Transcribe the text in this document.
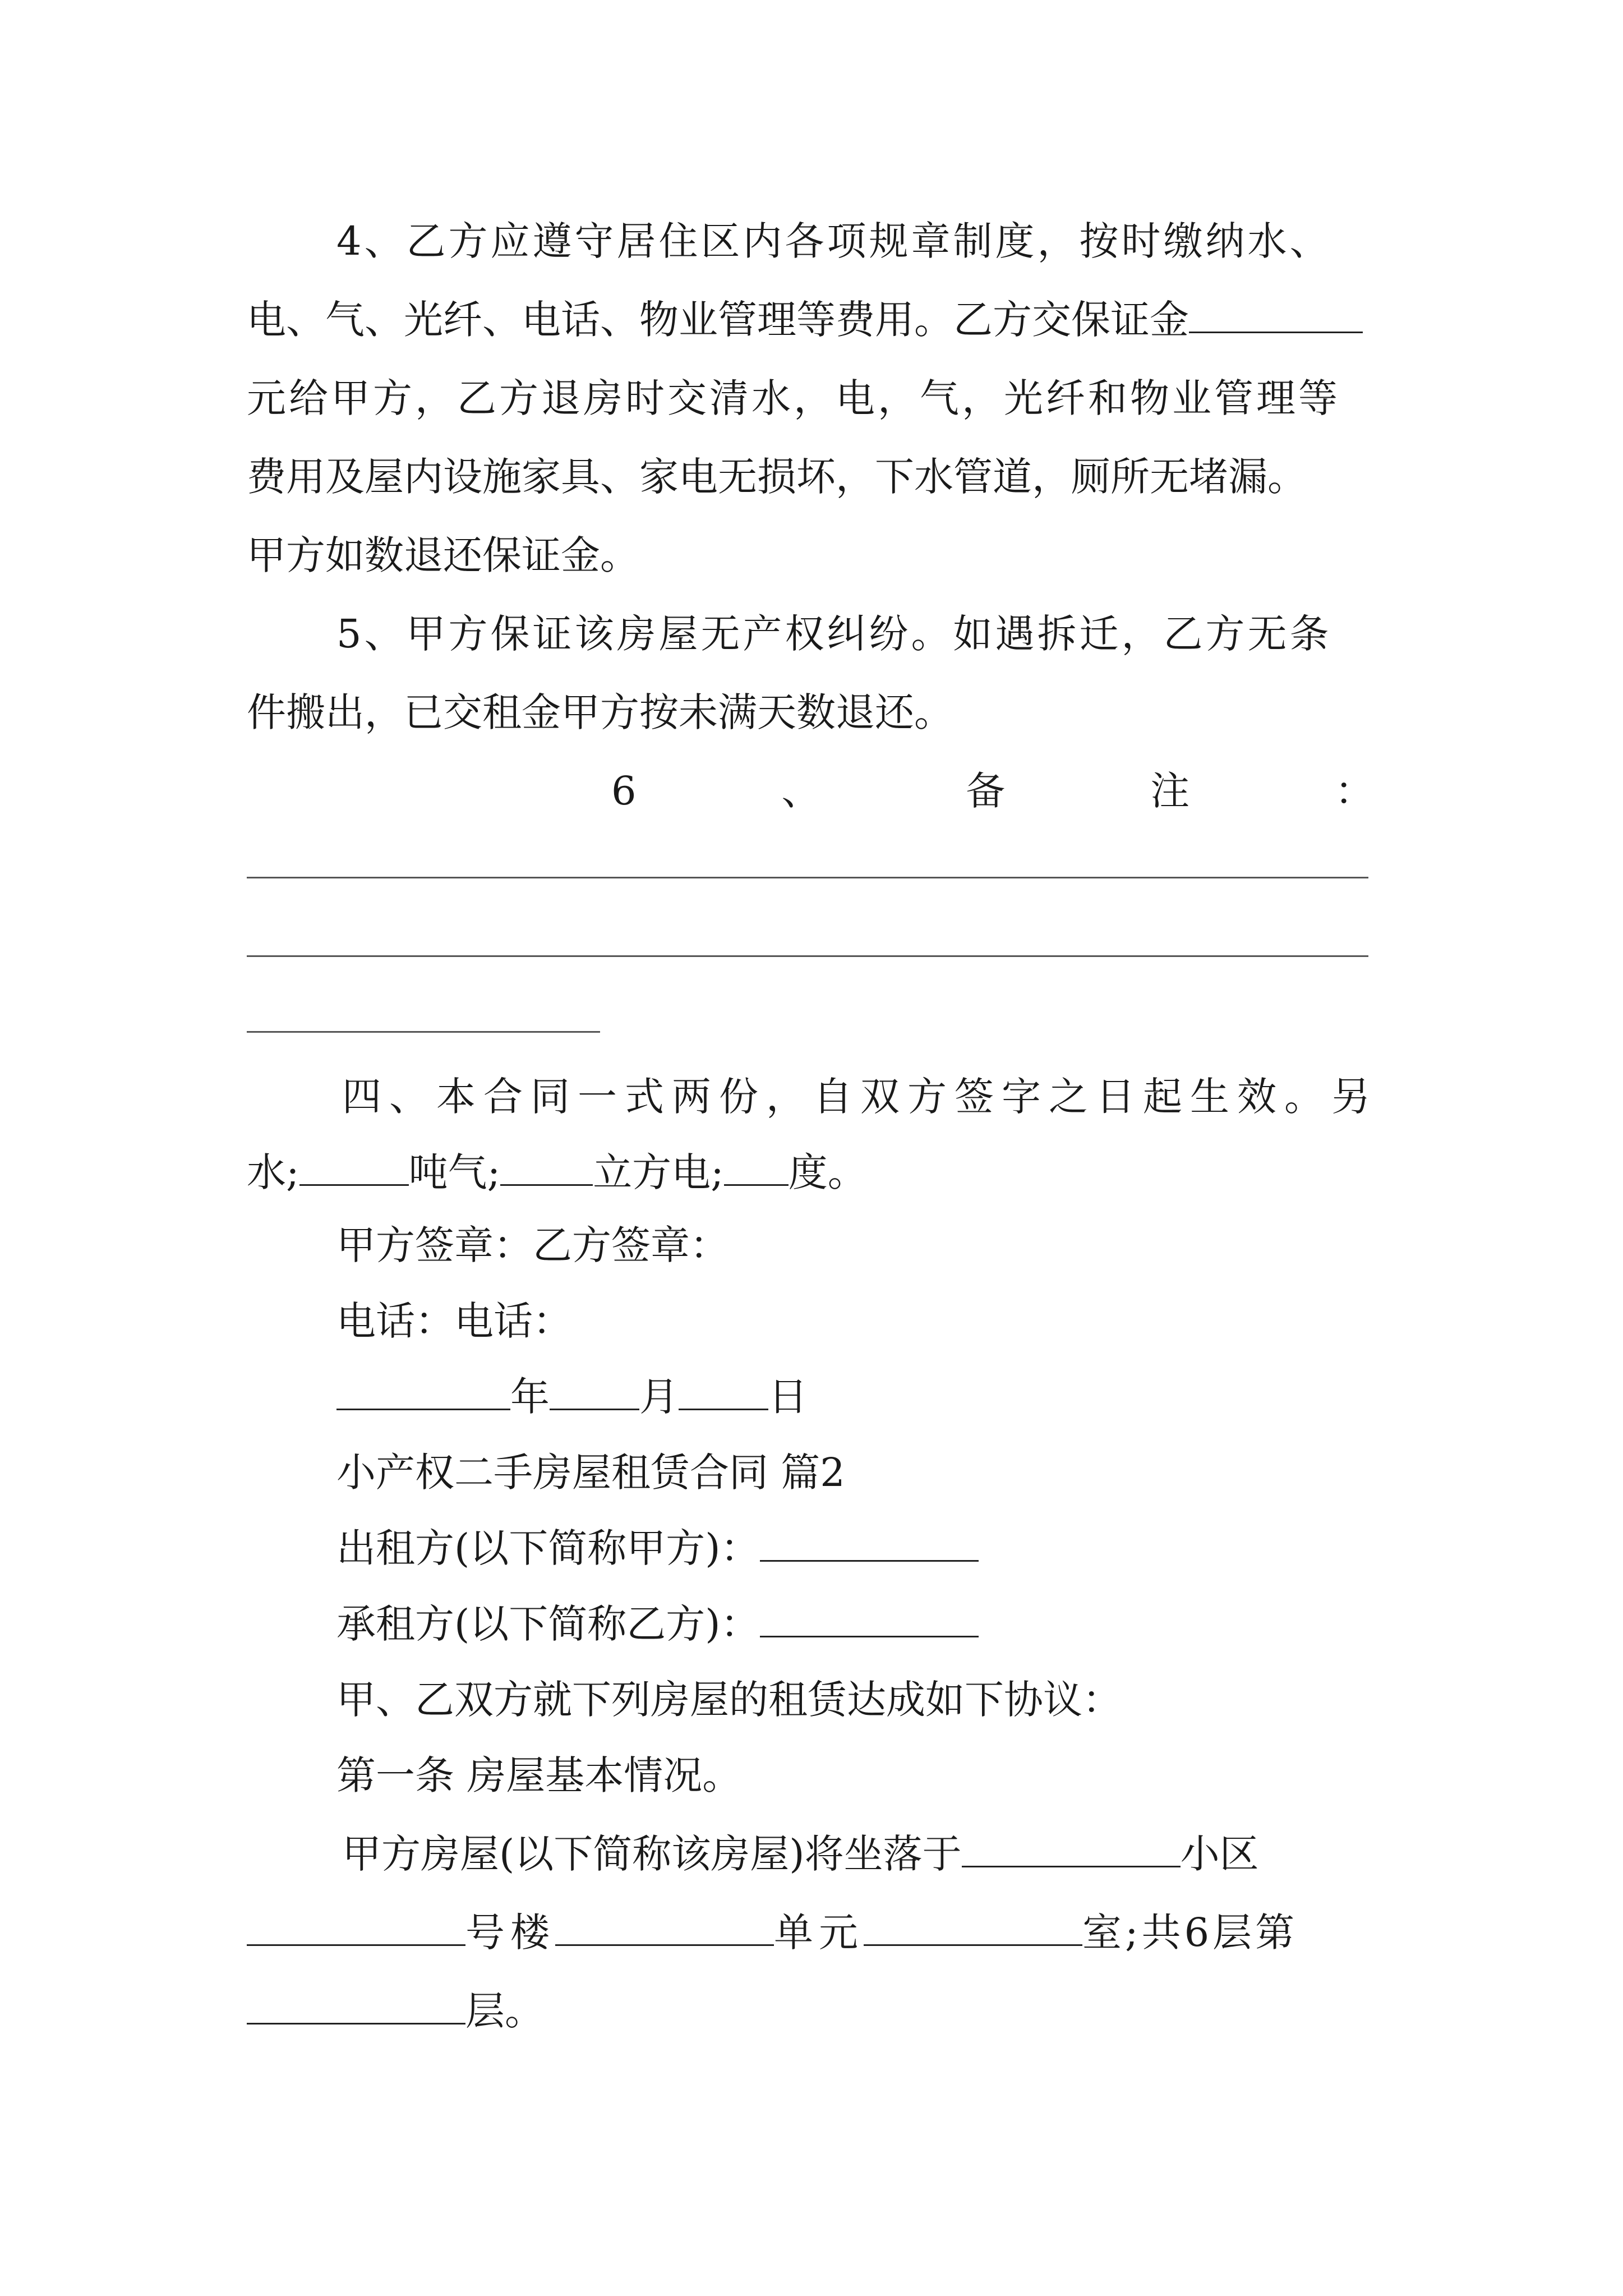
4、乙方应遵守居住区内各项规章制度，按时缴纳水、
电、气、光纤、电话、物业管理等费用。乙方交保证金
元给甲方，乙方退房时交清水，电，气，光纤和物业管理等
费用及屋内设施家具、家电无损坏，下水管道，厕所无堵漏。
甲方如数退还保证金。
5、甲方保证该房屋无产权纠纷。如遇拆迁，乙方无条
件搬出，已交租金甲方按未满天数退还。
6	、	备	注	：
四、本合同一式两份，自双方签字之日起生效。另
水;	吨气; 立方电; 度。
甲方签章：乙方签章：
电话：电话：
年 月 日
小产权二手房屋租赁合同 篇2
出租方(以下简称甲方)：
承租方(以下简称乙方)：
甲、乙双方就下列房屋的租赁达成如下协议：
第一条 房屋基本情况。
甲方房屋(以下简称该房屋)将坐落于	小区
号楼	单元	室;共6层第
层。
